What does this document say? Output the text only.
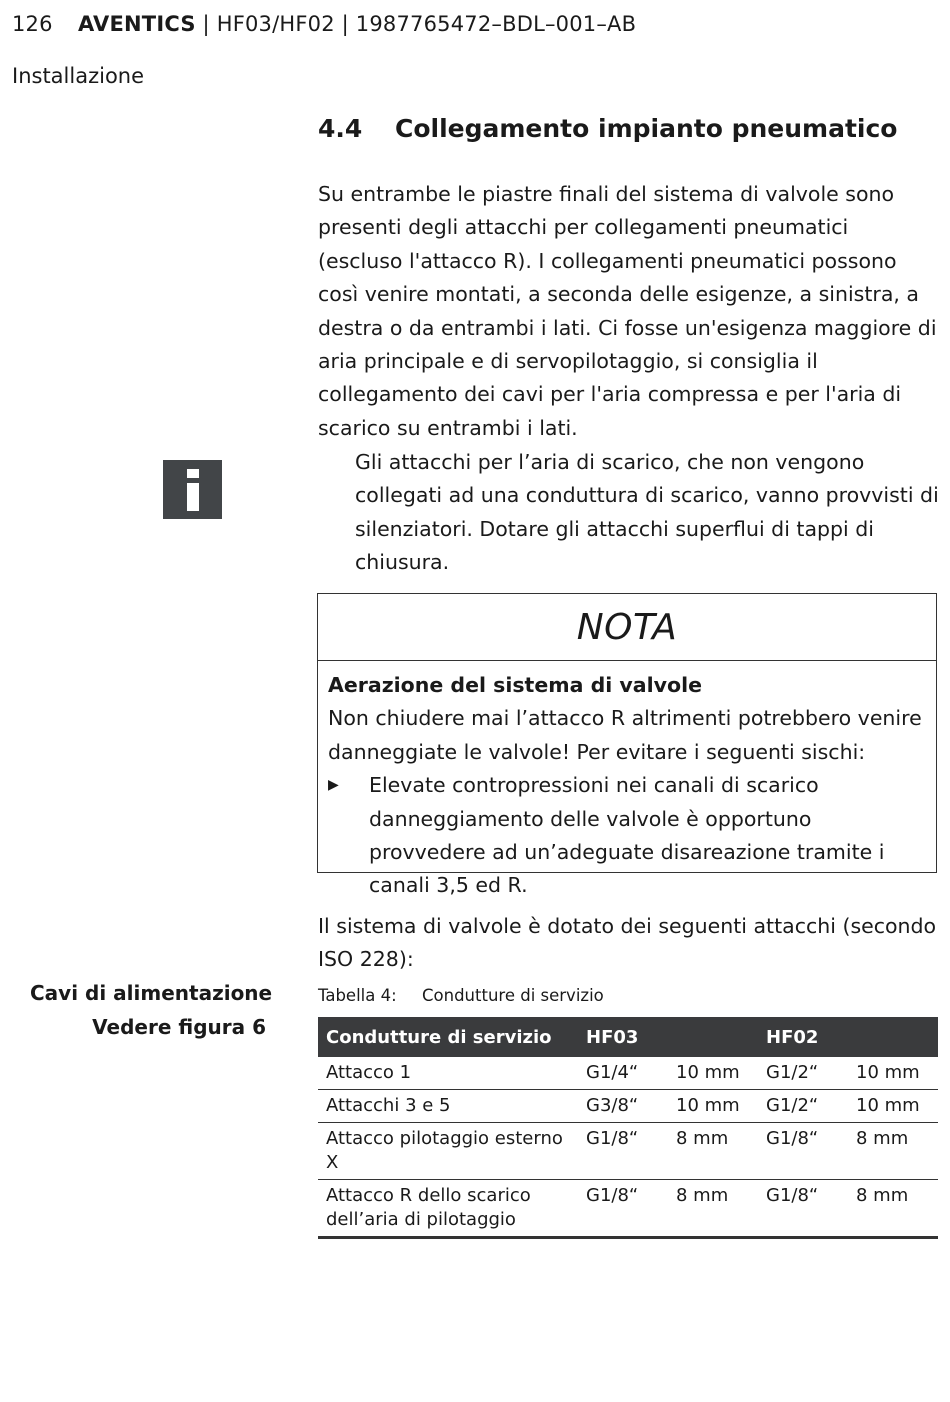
126 AVENTICS | HF03/HF02 | 1987765472–BDL–001–AB
Installazione
4.4 Collegamento impianto pneumatico

Su entrambe le piastre finali del sistema di valvole sono presenti degli attacchi per collegamenti pneumatici (escluso l'attacco R). I collegamenti pneumatici possono così venire montati, a seconda delle esigenze, a sinistra, a destra o da entrambi i lati. Ci fosse un'esigenza maggiore di aria principale e di servopilotaggio, si consiglia il collegamento dei cavi per l'aria compressa e per l'aria di scarico su entrambi i lati.

Gli attacchi per l’aria di scarico, che non vengono collegati ad una conduttura di scarico, vanno provvisti di silenziatori. Dotare gli attacchi superflui di tappi di chiusura.

NOTA
Aerazione del sistema di valvole
Non chiudere mai l’attacco R altrimenti potrebbero venire danneggiate le valvole! Per evitare i seguenti sischi:
▶	Elevate contropressioni nei canali di scarico danneggiamento delle valvole è opportuno provvedere ad un’adeguate disareazione tramite i canali 3,5 ed R.

Il sistema di valvole è dotato dei seguenti attacchi (secondo ISO 228):

Cavi di alimentazione
Vedere figura 6
Tabella 4: Condutture di servizio
Condutture di servizio	HF03		HF02	
Attacco 1	G1/4“	10 mm	G1/2“	10 mm
Attacchi 3 e 5	G3/8“	10 mm	G1/2“	10 mm
Attacco pilotaggio esterno X	G1/8“	8 mm	G1/8“	8 mm
Attacco R dello scarico dell’aria di pilotaggio	G1/8“	8 mm	G1/8“	8 mm
